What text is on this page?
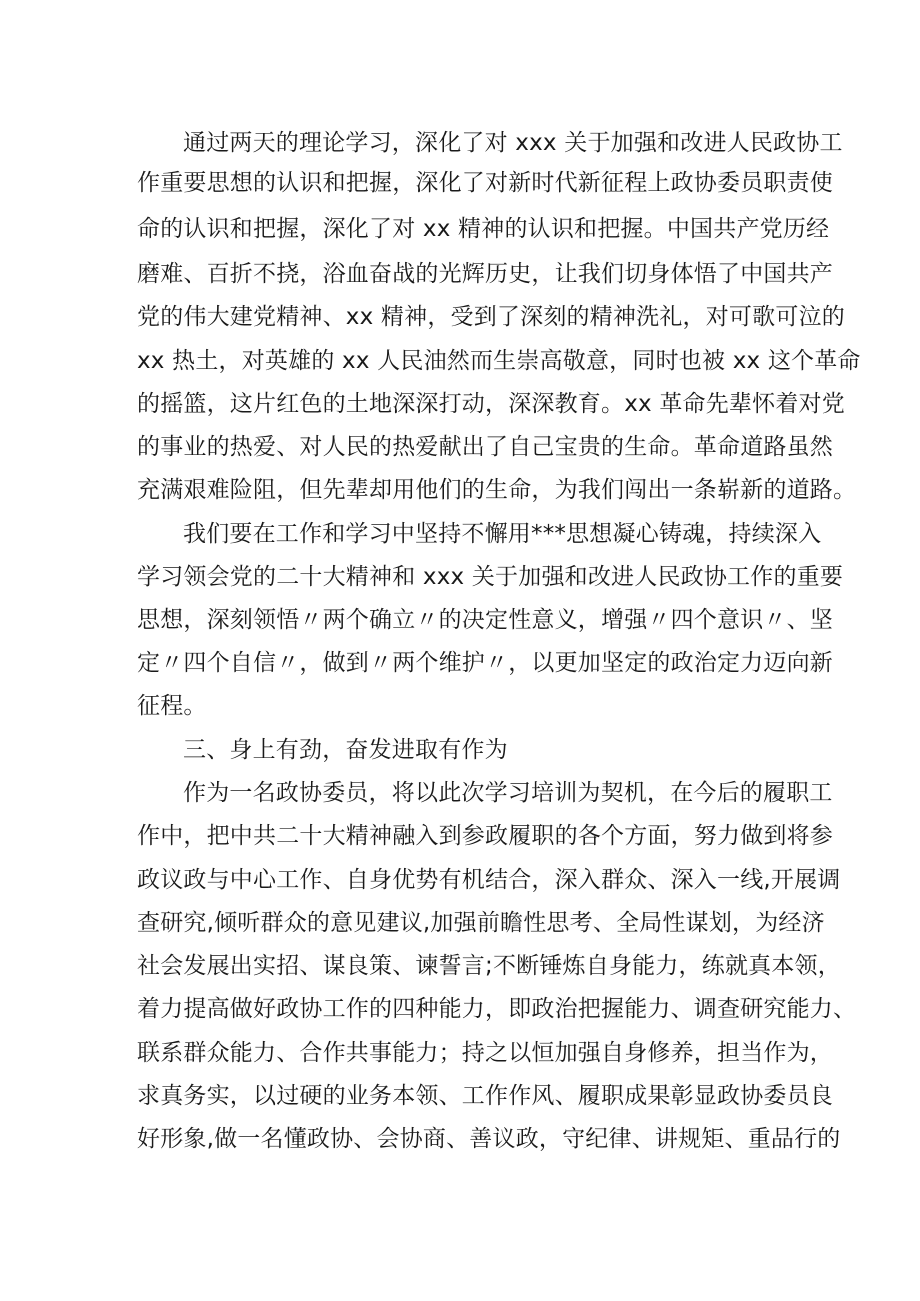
通过两天的理论学习，深化了对 xxx 关于加强和改进人民政协工
作重要思想的认识和把握，深化了对新时代新征程上政协委员职责使
命的认识和把握，深化了对 xx 精神的认识和把握。中国共产党历经
磨难、百折不挠，浴血奋战的光辉历史，让我们切身体悟了中国共产
党的伟大建党精神、xx 精神，受到了深刻的精神洗礼，对可歌可泣的
xx 热土，对英雄的 xx 人民油然而生崇高敬意，同时也被 xx 这个革命
的摇篮，这片红色的土地深深打动，深深教育。xx 革命先辈怀着对党
的事业的热爱、对人民的热爱献出了自己宝贵的生命。革命道路虽然
充满艰难险阻，但先辈却用他们的生命，为我们闯出一条崭新的道路。
我们要在工作和学习中坚持不懈用***思想凝心铸魂，持续深入
学习领会党的二十大精神和 xxx 关于加强和改进人民政协工作的重要
思想，深刻领悟〃两个确立〃的决定性意义，增强〃四个意识〃、坚
定〃四个自信〃，做到〃两个维护〃，以更加坚定的政治定力迈向新
征程。
三、身上有劲，奋发进取有作为
作为一名政协委员，将以此次学习培训为契机，在今后的履职工
作中，把中共二十大精神融入到参政履职的各个方面，努力做到将参
政议政与中心工作、自身优势有机结合，深入群众、深入一线,开展调
查研究,倾听群众的意见建议,加强前瞻性思考、全局性谋划，为经济
社会发展出实招、谋良策、谏誓言;不断锤炼自身能力，练就真本领，
着力提高做好政协工作的四种能力，即政治把握能力、调查研究能力、
联系群众能力、合作共事能力；持之以恒加强自身修养，担当作为，
求真务实，以过硬的业务本领、工作作风、履职成果彰显政协委员良
好形象,做一名懂政协、会协商、善议政，守纪律、讲规矩、重品行的
